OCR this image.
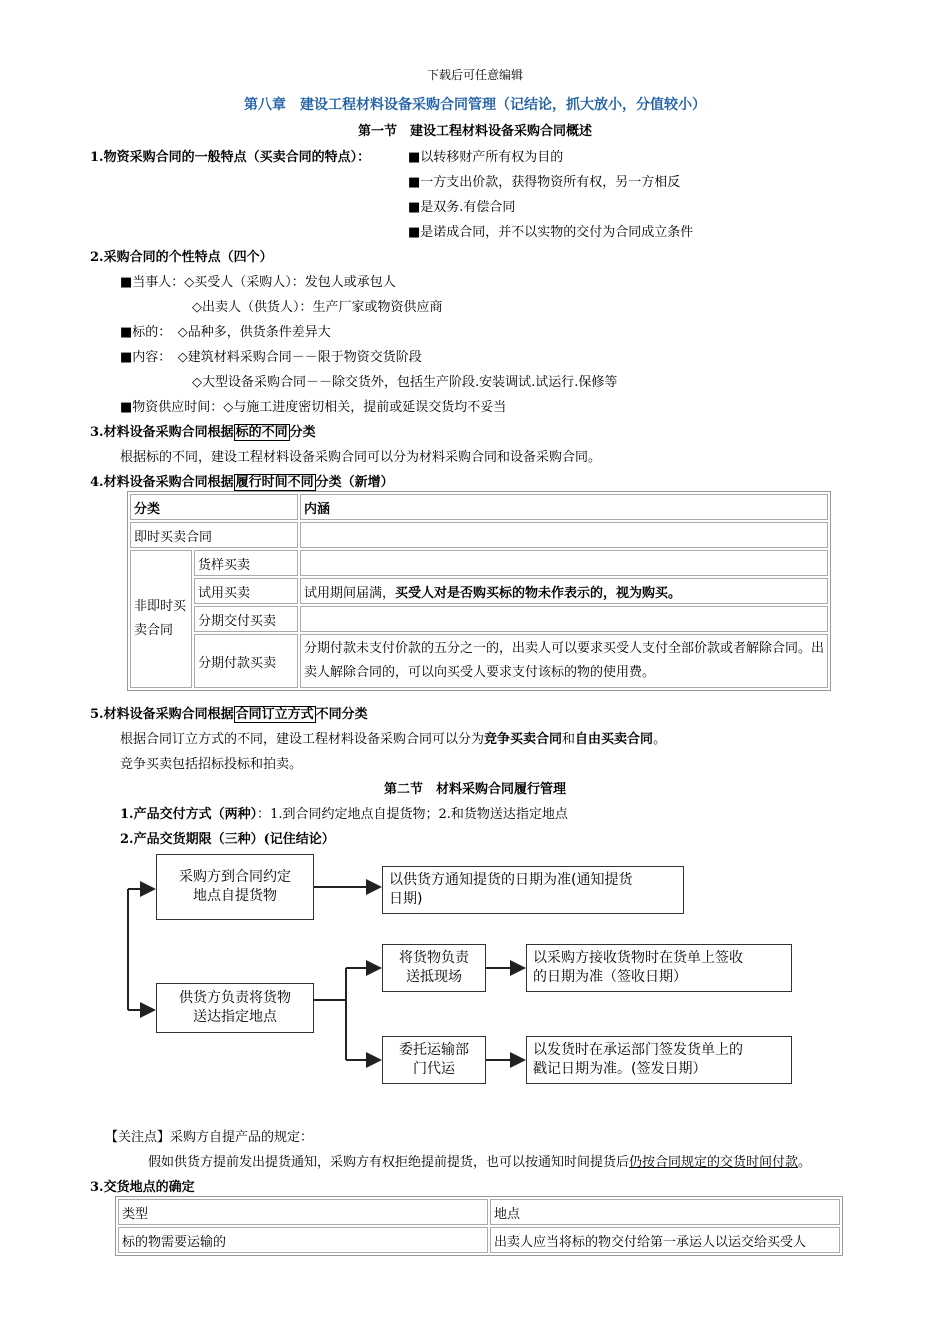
下载后可任意编辑
第八章　建设工程材料设备采购合同管理（记结论，抓大放小，分值较小）
第一节　建设工程材料设备采购合同概述
1.物资采购合同的一般特点（买卖合同的特点）：	■以转移财产所有权为目的
■一方支出价款，获得物资所有权，另一方相反
■是双务.有偿合同
■是诺成合同，并不以实物的交付为合同成立条件
2.采购合同的个性特点（四个）
■当事人：◇买受人（采购人）：发包人或承包人
◇出卖人（供货人）：生产厂家或物资供应商
■标的：　◇品种多，供货条件差异大
■内容：　◇建筑材料采购合同－－限于物资交货阶段
◇大型设备采购合同－－除交货外，包括生产阶段.安装调试.试运行.保修等
■物资供应时间：◇与施工进度密切相关，提前或延误交货均不妥当
3.材料设备采购合同根据 标的不同 分类
根据标的不同，建设工程材料设备采购合同可以分为材料采购合同和设备采购合同。
4.材料设备采购合同根据 履行时间不同 分类（新增）
分类		内涵
即时买卖合同		
非即时买卖合同	货样买卖	
	试用买卖	试用期间届满，买受人对是否购买标的物未作表示的，视为购买。
	分期交付买卖	
	分期付款买卖	分期付款未支付价款的五分之一的，出卖人可以要求买受人支付全部价款或者解除合同。出卖人解除合同的，可以向买受人要求支付该标的物的使用费。
5.材料设备采购合同根据 合同订立方式 不同分类
根据合同订立方式的不同，建设工程材料设备采购合同可以分为竞争买卖合同和自由买卖合同。
竞争买卖包括招标投标和拍卖。
第二节　材料采购合同履行管理
1.产品交付方式（两种）：1.到合同约定地点自提货物；2.和货物送达指定地点
2.产品交货期限（三种）(记住结论）
采购方到合同约定
地点自提货物
以供货方通知提货的日期为准(通知提货
日期)
供货方负责将货物
送达指定地点
将货物负责
送抵现场
以采购方接收货物时在货单上签收
的日期为准（签收日期）
委托运输部
门代运
以发货时在承运部门签发货单上的
戳记日期为准。(签发日期）
【关注点】采购方自提产品的规定：
假如供货方提前发出提货通知，采购方有权拒绝提前提货，也可以按通知时间提货后仍按合同规定的交货时间付款。
3.交货地点的确定
类型	地点
标的物需要运输的	出卖人应当将标的物交付给第一承运人以运交给买受人
